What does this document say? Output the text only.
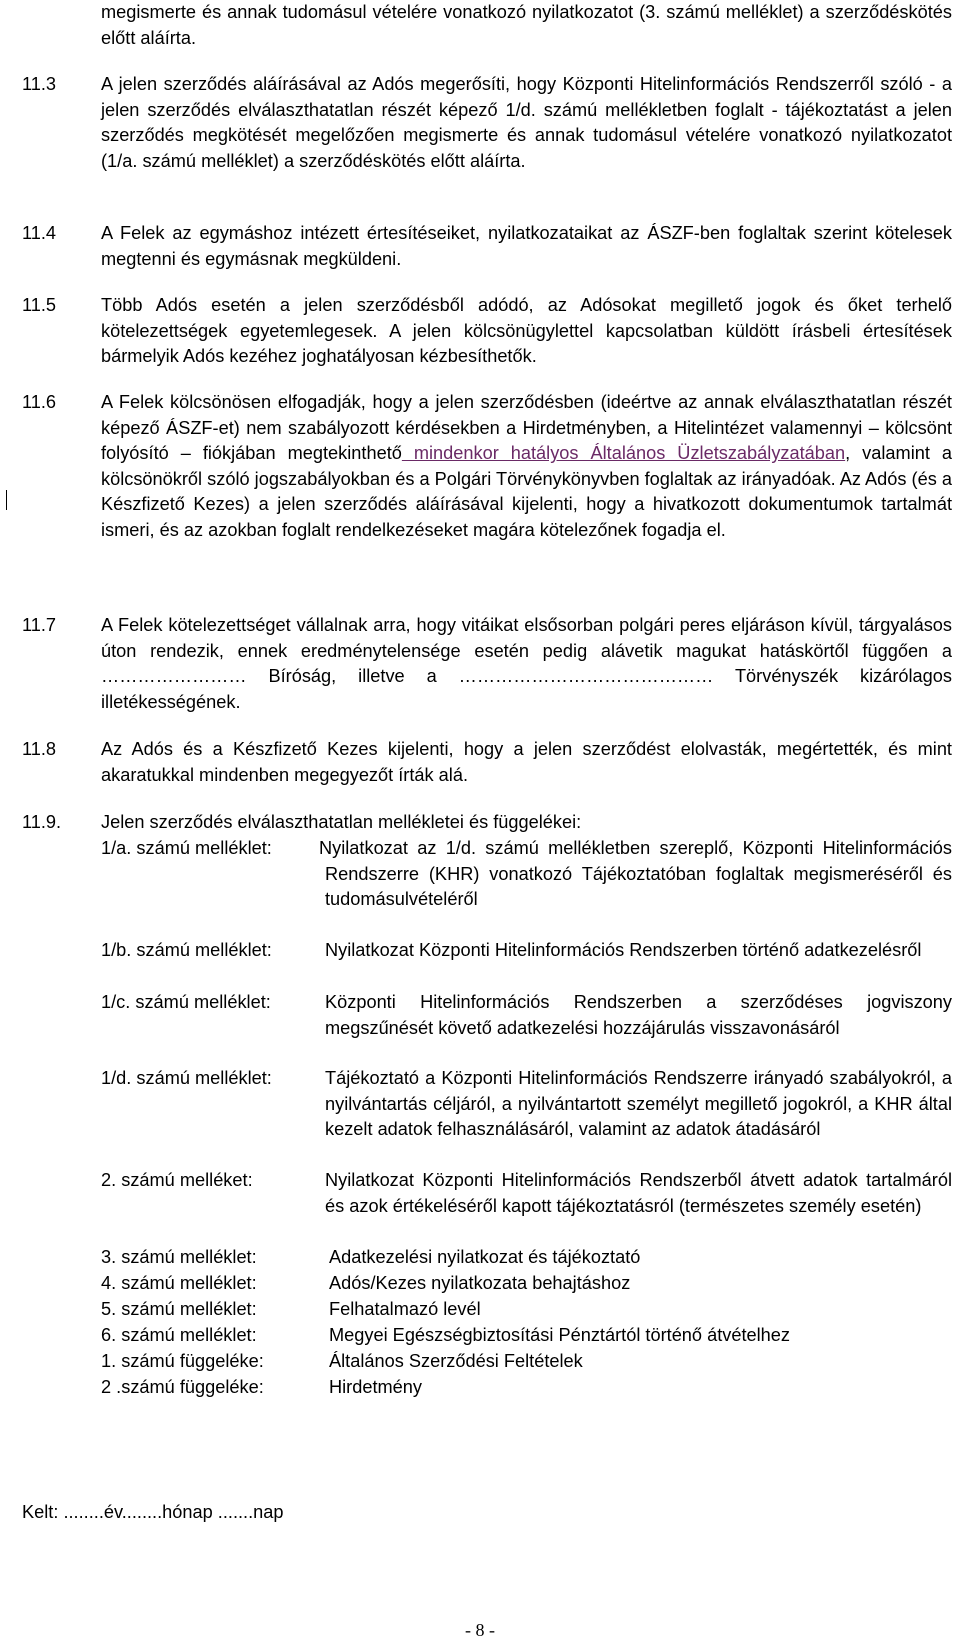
megismerte és annak tudomásul vételére vonatkozó nyilatkozatot (3. számú melléklet) a szerződéskötés előtt aláírta.
11.3	A jelen szerződés aláírásával az Adós megerősíti, hogy Központi Hitelinformációs Rendszerről szóló - a jelen szerződés elválaszthatatlan részét képező 1/d. számú mellékletben foglalt - tájékoztatást a jelen szerződés megkötését megelőzően megismerte és annak tudomásul vételére vonatkozó nyilatkozatot (1/a. számú melléklet) a szerződéskötés előtt aláírta.
11.4	A Felek az egymáshoz intézett értesítéseiket, nyilatkozataikat az ÁSZF-ben foglaltak szerint kötelesek megtenni és egymásnak megküldeni.
11.5	Több Adós esetén a jelen szerződésből adódó, az Adósokat megillető jogok és őket terhelő kötelezettségek egyetemlegesek. A jelen kölcsönügylettel kapcsolatban küldött írásbeli értesítések bármelyik Adós kezéhez joghatályosan kézbesíthetők.
11.6	A Felek kölcsönösen elfogadják, hogy a jelen szerződésben (ideértve az annak elválaszthatatlan részét képező ÁSZF-et) nem szabályozott kérdésekben a Hirdetményben, a Hitelintézet valamennyi – kölcsönt folyósító – fiókjában megtekinthető mindenkor hatályos Általános Üzletszabályzatában, valamint a kölcsönökről szóló jogszabályokban és a Polgári Törvénykönyvben foglaltak az irányadóak. Az Adós (és a Készfizető Kezes) a jelen szerződés aláírásával kijelenti, hogy a hivatkozott dokumentumok tartalmát ismeri, és az azokban foglalt rendelkezéseket magára kötelezőnek fogadja el.
11.7	A Felek kötelezettséget vállalnak arra, hogy vitáikat elsősorban polgári peres eljáráson kívül, tárgyalásos úton rendezik, ennek eredménytelensége esetén pedig alávetik magukat hatáskörtől függően a …………………… Bíróság, illetve a …………………………………… Törvényszék kizárólagos illetékességének.
11.8	Az Adós és a Készfizető Kezes kijelenti, hogy a jelen szerződést elolvasták, megértették, és mint akaratukkal mindenben megegyezőt írták alá.
11.9.	Jelen szerződés elválaszthatatlan mellékletei és függelékei:
1/a. számú melléklet:	Nyilatkozat az 1/d. számú mellékletben szereplő, Központi Hitelinformációs Rendszerre (KHR) vonatkozó Tájékoztatóban foglaltak megismeréséről és tudomásulvételéről
1/b. számú melléklet:	Nyilatkozat Központi Hitelinformációs Rendszerben történő adatkezelésről
1/c. számú melléklet:	Központi Hitelinformációs Rendszerben a szerződéses jogviszony megszűnését követő adatkezelési hozzájárulás visszavonásáról
1/d. számú melléklet:	Tájékoztató a Központi Hitelinformációs Rendszerre irányadó szabályokról, a nyilvántartás céljáról, a nyilvántartott személyt megillető jogokról, a KHR által kezelt adatok felhasználásáról, valamint az adatok átadásáról
2. számú melléket:	Nyilatkozat Központi Hitelinformációs Rendszerből átvett adatok tartalmáról és azok értékeléséről kapott tájékoztatásról (természetes személy esetén)
3. számú melléklet:	Adatkezelési nyilatkozat és tájékoztató
4. számú melléklet:	Adós/Kezes nyilatkozata behajtáshoz
5. számú melléklet:	Felhatalmazó levél
6. számú melléklet:	Megyei Egészségbiztosítási Pénztártól történő átvételhez
1. számú függeléke:	Általános Szerződési Feltételek
2 .számú függeléke:	Hirdetmény
Kelt: ........év........hónap .......nap
- 8 -
